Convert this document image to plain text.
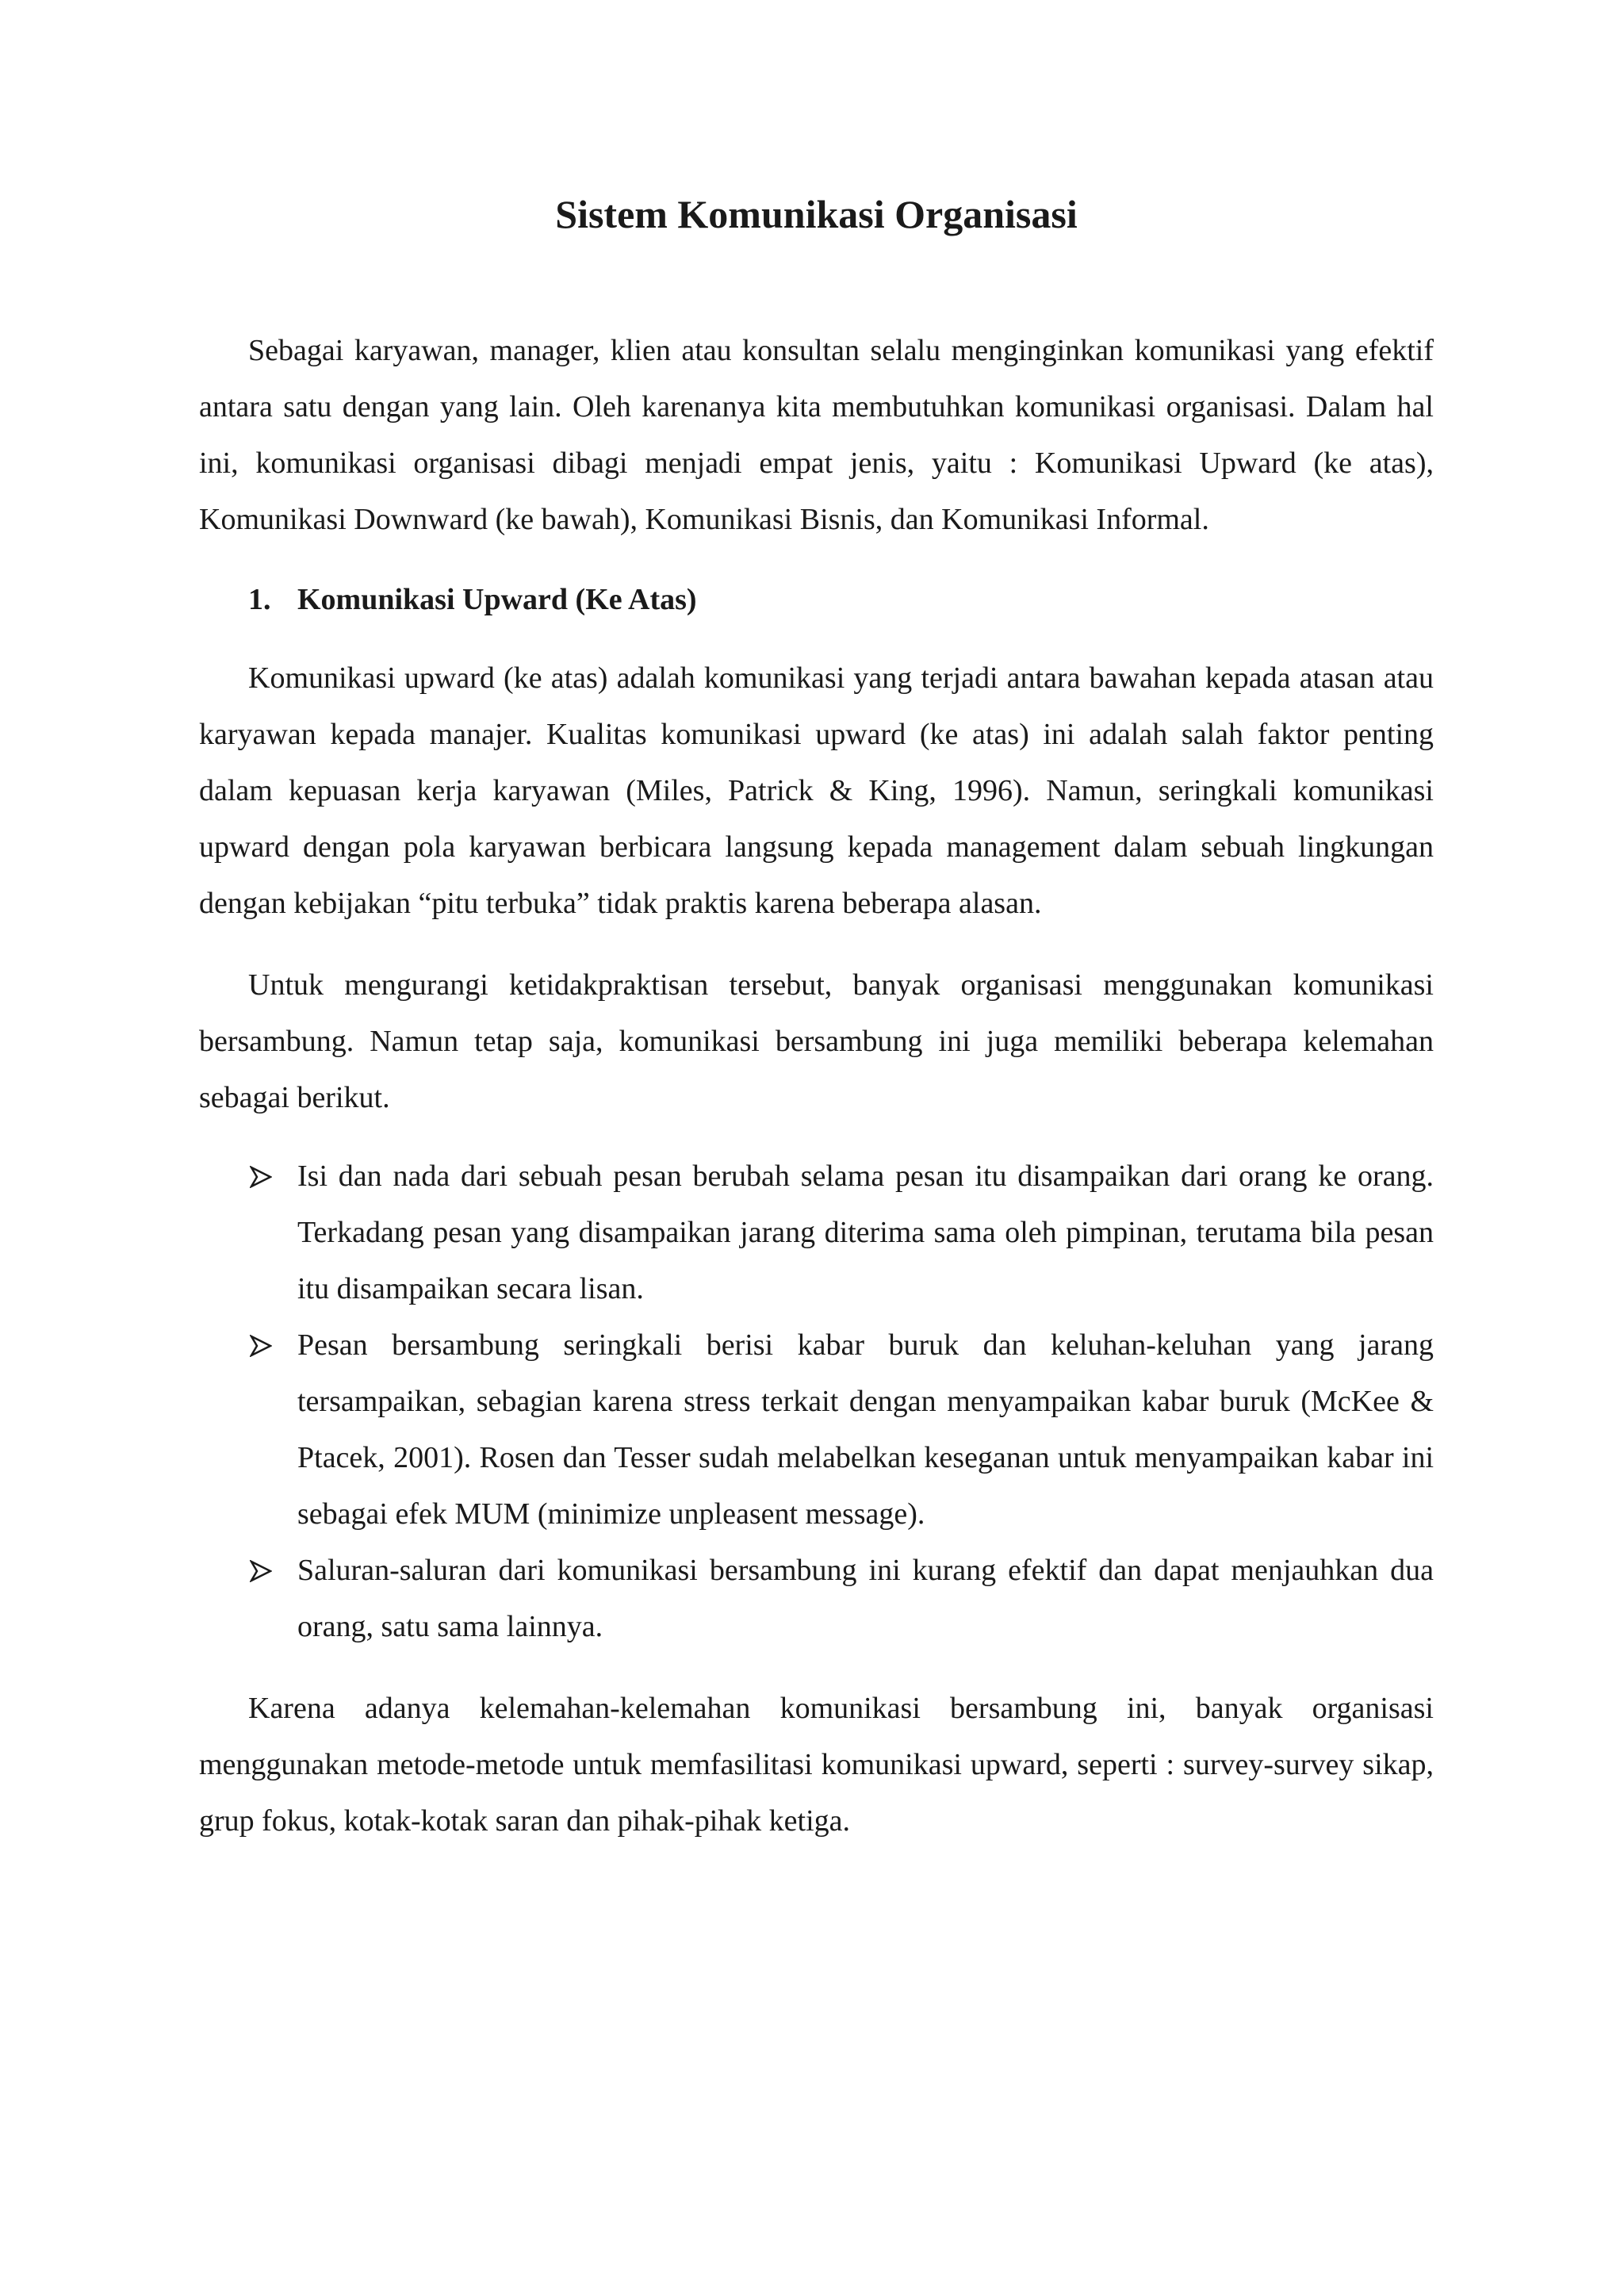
Sistem Komunikasi Organisasi

Sebagai karyawan, manager, klien atau konsultan selalu menginginkan komunikasi yang efektif antara satu dengan yang lain. Oleh karenanya kita membutuhkan komunikasi organisasi. Dalam hal ini, komunikasi organisasi dibagi menjadi empat jenis, yaitu : Komunikasi Upward (ke atas), Komunikasi Downward (ke bawah), Komunikasi Bisnis, dan Komunikasi Informal.

1. Komunikasi Upward (Ke Atas)

Komunikasi upward (ke atas) adalah komunikasi yang terjadi antara bawahan kepada atasan atau karyawan kepada manajer. Kualitas komunikasi upward (ke atas) ini adalah salah faktor penting dalam kepuasan kerja karyawan (Miles, Patrick & King, 1996). Namun, seringkali komunikasi upward dengan pola karyawan berbicara langsung kepada management dalam sebuah lingkungan dengan kebijakan “pitu terbuka” tidak praktis karena beberapa alasan.

Untuk mengurangi ketidakpraktisan tersebut, banyak organisasi menggunakan komunikasi bersambung. Namun tetap saja, komunikasi bersambung ini juga memiliki beberapa kelemahan sebagai berikut.

Isi dan nada dari sebuah pesan berubah selama pesan itu disampaikan dari orang ke orang. Terkadang pesan yang disampaikan jarang diterima sama oleh pimpinan, terutama bila pesan itu disampaikan secara lisan.
Pesan bersambung seringkali berisi kabar buruk dan keluhan-keluhan yang jarang tersampaikan, sebagian karena stress terkait dengan menyampaikan kabar buruk (McKee & Ptacek, 2001). Rosen dan Tesser sudah melabelkan keseganan untuk menyampaikan kabar ini sebagai efek MUM (minimize unpleasent message).
Saluran-saluran dari komunikasi bersambung ini kurang efektif dan dapat menjauhkan dua orang, satu sama lainnya.

Karena adanya kelemahan-kelemahan komunikasi bersambung ini, banyak organisasi menggunakan metode-metode untuk memfasilitasi komunikasi upward, seperti : survey-survey sikap, grup fokus, kotak-kotak saran dan pihak-pihak ketiga.
